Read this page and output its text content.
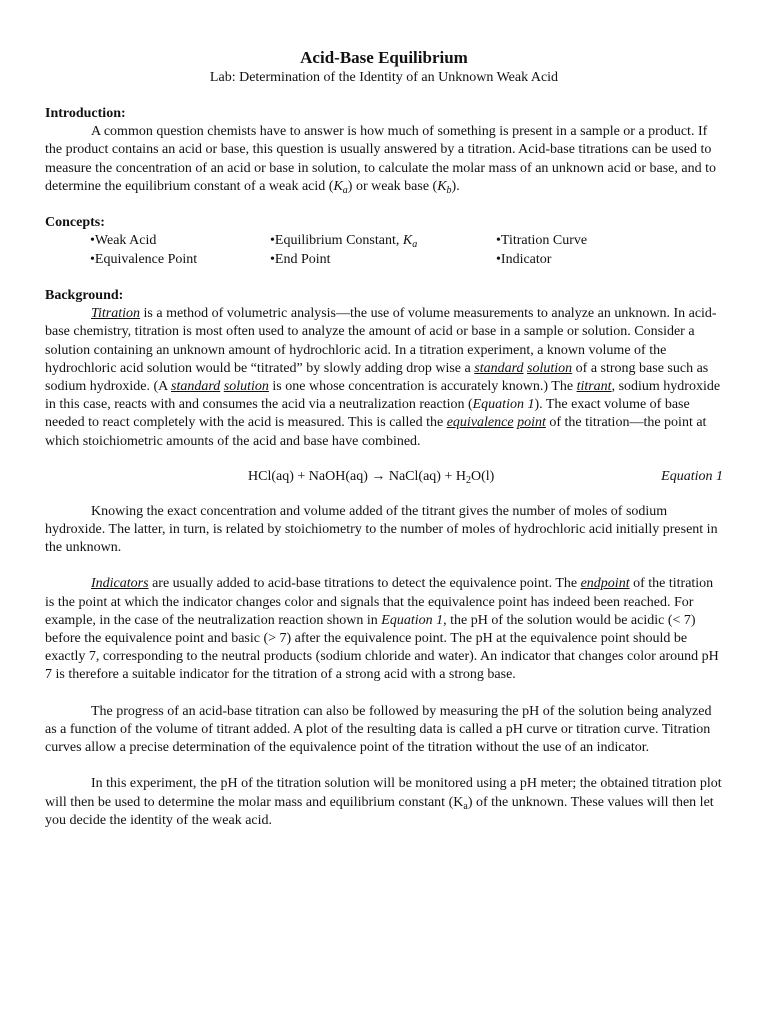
Acid-Base Equilibrium
Lab: Determination of the Identity of an Unknown Weak Acid
Introduction:

A common question chemists have to answer is how much of something is present in a sample or a product. If the product contains an acid or base, this question is usually answered by a titration. Acid-base titrations can be used to measure the concentration of an acid or base in solution, to calculate the molar mass of an unknown acid or base, and to determine the equilibrium constant of a weak acid $(K_a)$ or weak base $(K_b)$.

Concepts:
•Weak Acid	•Equilibrium Constant, $K_a$	•Titration Curve
•Equivalence Point	•End Point	•Indicator
Background:

Titration is a method of volumetric analysis—the use of volume measurements to analyze an unknown. In acid-base chemistry, titration is most often used to analyze the amount of acid or base in a sample or solution. Consider a solution containing an unknown amount of hydrochloric acid. In a titration experiment, a known volume of the hydrochloric acid solution would be “titrated” by slowly adding drop wise a standard solution of a strong base such as sodium hydroxide. (A standard solution is one whose concentration is accurately known.) The titrant, sodium hydroxide in this case, reacts with and consumes the acid via a neutralization reaction (Equation 1). The exact volume of base needed to react completely with the acid is measured. This is called the equivalence point of the titration—the point at which stoichiometric amounts of the acid and base have combined.

HCl(aq) + NaOH(aq) → NaCl(aq) + $H_2O(l)$	Equation 1

Knowing the exact concentration and volume added of the titrant gives the number of moles of sodium hydroxide. The latter, in turn, is related by stoichiometry to the number of moles of hydrochloric acid initially present in the unknown.

Indicators are usually added to acid-base titrations to detect the equivalence point. The endpoint of the titration is the point at which the indicator changes color and signals that the equivalence point has indeed been reached. For example, in the case of the neutralization reaction shown in Equation 1, the pH of the solution would be acidic (< 7) before the equivalence point and basic (> 7) after the equivalence point. The pH at the equivalence point should be exactly 7, corresponding to the neutral products (sodium chloride and water). An indicator that changes color around pH 7 is therefore a suitable indicator for the titration of a strong acid with a strong base.

The progress of an acid-base titration can also be followed by measuring the pH of the solution being analyzed as a function of the volume of titrant added. A plot of the resulting data is called a pH curve or titration curve. Titration curves allow a precise determination of the equivalence point of the titration without the use of an indicator.

In this experiment, the pH of the titration solution will be monitored using a pH meter; the obtained titration plot will then be used to determine the molar mass and equilibrium constant $(K_a)$ of the unknown. These values will then let you decide the identity of the weak acid.
